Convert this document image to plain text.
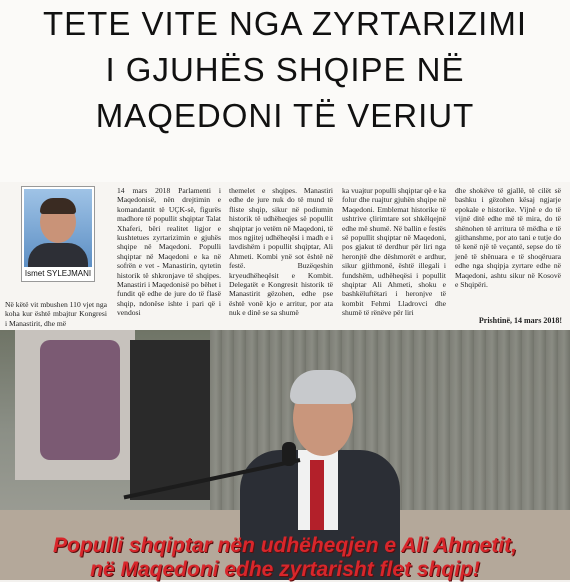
TETE VITE NGA ZYRTARIZIMI
I GJUHËS SHQIPE NË
MAQEDONI TË VERIUT
Ismet SYLEJMANI
Në këtë vit mbushen 110 vjet nga koha kur është mbajtur Kongresi i Manastirit, dhe më
14 mars 2018 Parlamenti i Maqedonisë, nën drejtimin e komandantit të UÇK-së, figurës madhore të popullit shqiptar Talat Xhaferi, bëri realitet ligjor e kushtetues zyrtarizimin e gjuhës shqipe në Maqedoni. Populli shqiptar në Maqedoni e ka në sofrën e vet - Manastirin, qytetin historik të shkronjave të shqipes. Manastiri i Maqedonisë po bëhet i fundit që edhe de jure do të flasë shqip, ndonëse ishte i pari që i vendosi
themelet e shqipes. Manastiri edhe de jure nuk do të mund të fliste shqip, sikur në podiumin historik të udhëheqjes së popullit shqiptar jo vetëm në Maqedoni, të mos ngjitej udhëheqësi i madh e i lavdishëm i popullit shqiptar, Ali Ahmeti. Kombi ynë sot është në festë. Buzëqeshin kryeudhëheqësit e Kombit. Delegatët e Kongresit historik të Manastirit gëzohen, edhe pse është vonë kjo e arritur, por ata nuk e dinë se sa shumë
ka vuajtur populli shqiptar që e ka folur dhe ruajtur gjuhën shqipe në Maqedoni. Emblemat historike të ushtrive çlirimtare sot shkëlqejnë edhe më shumë. Në ballin e festës së popullit shqiptar në Maqedoni, pos gjakut të derdhur për liri nga heronjtë dhe dëshmorët e ardhur, sikur gjithmonë, është illegali i fundshëm, udhëheqësi i popullit shqiptar Ali Ahmeti, shoku e bashkëluftëtari i heronjve të kombit Fehmi Lladrovci dhe shumë të rënëve për liri
dhe shokëve të gjallë, të cilët së bashku i gëzohen kësaj ngjarje epokale e historike. Vijnë e do të vijnë ditë edhe më të mira, do të shënohen të arritura të mëdha e të gjithanshme, por ato tani e tutje do të kenë një të veçantë, sepse do të jenë të shënuara e të shoqëruara edhe nga shqipja zyrtare edhe në Maqedoni, ashtu sikur në Kosovë e Shqipëri.
Prishtinë, 14 mars 2018!
Populli shqiptar nën udhëheqjen e Ali Ahmetit,
në Maqedoni edhe zyrtarisht flet shqip!
